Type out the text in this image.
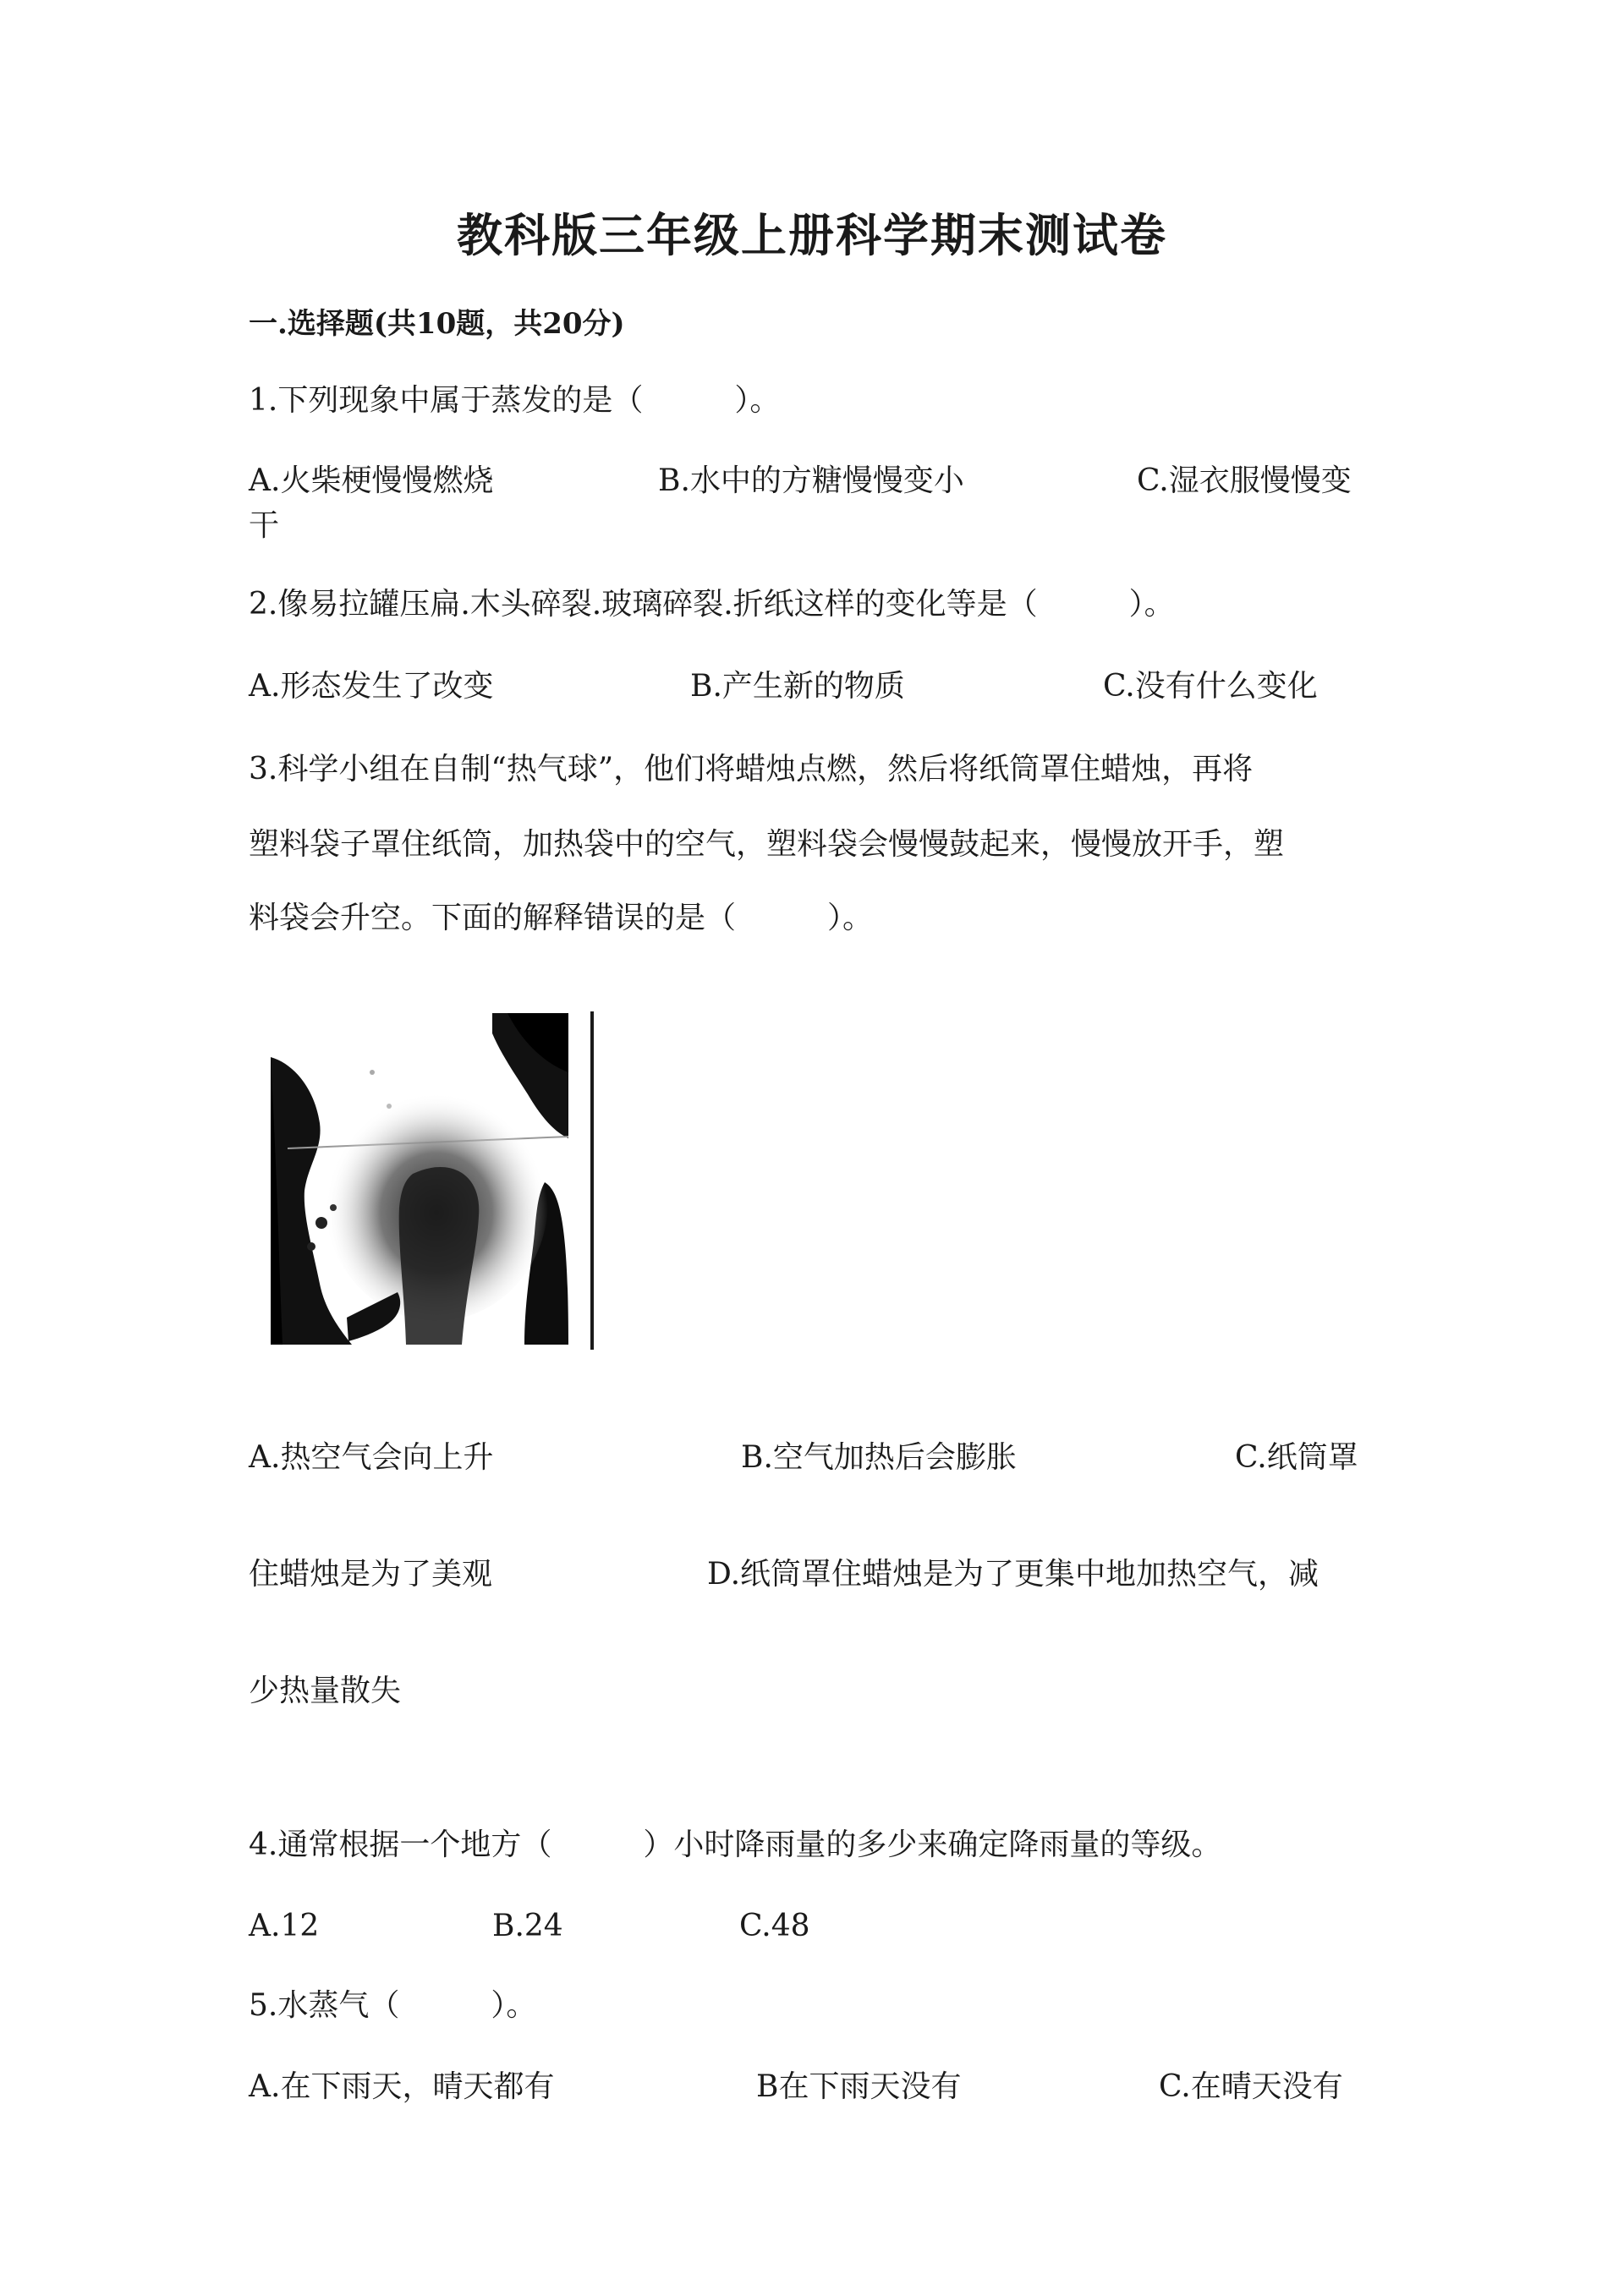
教科版三年级上册科学期末测试卷
一.选择题(共10题，共20分)
1.下列现象中属于蒸发的是（　　　）。
A.火柴梗慢慢燃烧	B.水中的方糖慢慢变小	C.湿衣服慢慢变
干
2.像易拉罐压扁.木头碎裂.玻璃碎裂.折纸这样的变化等是（　　　）。
A.形态发生了改变	B.产生新的物质	C.没有什么变化
3.科学小组在自制“热气球”，他们将蜡烛点燃，然后将纸筒罩住蜡烛，再将
塑料袋子罩住纸筒，加热袋中的空气，塑料袋会慢慢鼓起来，慢慢放开手，塑
料袋会升空。下面的解释错误的是（　　　）。
A.热空气会向上升	B.空气加热后会膨胀	C.纸筒罩
住蜡烛是为了美观	D.纸筒罩住蜡烛是为了更集中地加热空气，减
少热量散失
4.通常根据一个地方（　　　）小时降雨量的多少来确定降雨量的等级。
A.12	B.24	C.48
5.水蒸气（　　　）。
A.在下雨天，晴天都有	B在下雨天没有	C.在晴天没有
